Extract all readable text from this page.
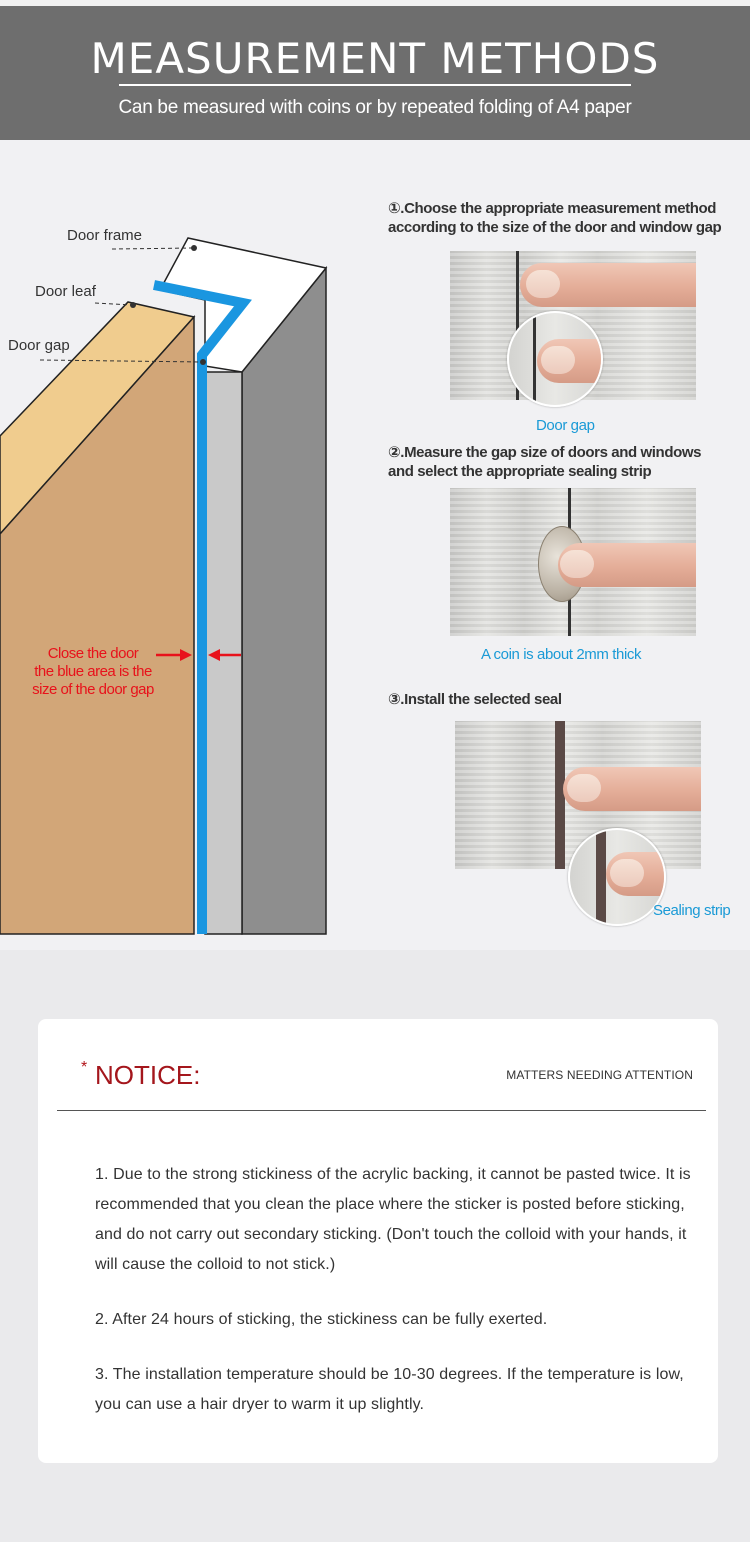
MEASUREMENT METHODS
Can be measured with coins or by repeated folding of A4 paper
Door frame
Door leaf
Door gap
Close the door
the blue area is the
size of the door gap
①.Choose the appropriate measurement method
according to the size of the door and window gap
Door gap
②.Measure the gap size of doors and windows
and select the appropriate sealing strip
A coin is about 2mm thick
③.Install the selected seal
Sealing strip
* NOTICE:	MATTERS NEEDING ATTENTION

1. Due to the strong stickiness of the acrylic backing, it cannot be pasted twice. It is recommended that you clean the place where the sticker is posted before sticking, and do not carry out secondary sticking. (Don't touch the colloid with your hands, it will cause the colloid to not stick.)

2. After 24 hours of sticking, the stickiness can be fully exerted.

3. The installation temperature should be 10-30 degrees. If the temperature is low, you can use a hair dryer to warm it up slightly.
